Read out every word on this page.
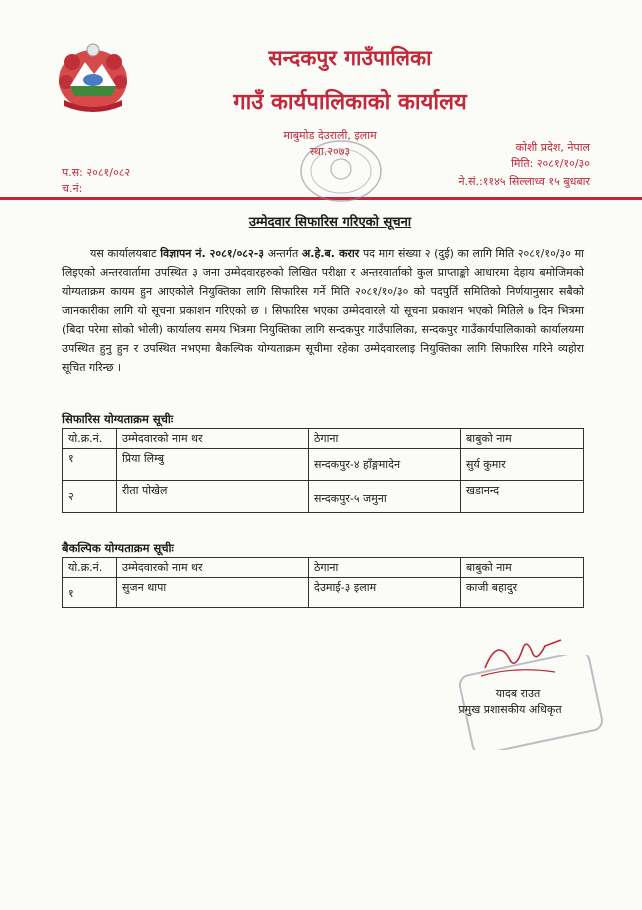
सन्दकपुर गाउँपालिका
गाउँ कार्यपालिकाको कार्यालय
माबुमोड देउराली, इलाम
स्था.२०७३	कोशी प्रदेश, नेपाल
मिति: २०८१/१०/३०
ने.सं.:११४५ सिल्लाध्व १५ बुधबार
प.स: २०८१/०८२
च.नं:
उम्मेदवार सिफारिस गरिएको सूचना
यस कार्यालयबाट विज्ञापन नं. २०८१/०८२-३ अन्तर्गत अ.हे.ब. करार पद माग संख्या २ (दुई) का लागि मिति २०८१/१०/३० मा लिइएको अन्तरवार्तामा उपस्थित ३ जना उम्मेदवारहरुको लिखित परीक्षा र अन्तरवार्ताको कुल प्राप्ताङ्को आधारमा देहाय बमोजिमको योग्यताक्रम कायम हुन आएकोले नियुक्तिका लागि सिफारिस गर्ने मिति २०८१/१०/३० को पदपुर्ति समितिको निर्णयानुसार सबैको जानकारीका लागि यो सूचना प्रकाशन गरिएको छ । सिफारिस भएका उम्मेदवारले यो सूचना प्रकाशन भएको मितिले ७ दिन भित्रमा (बिदा परेमा सोको भोली) कार्यालय समय भित्रमा नियुक्तिका लागि सन्दकपुर गाउँपालिका, सन्दकपुर गाउँकार्यपालिकाको कार्यालयमा उपस्थित हुनु हुन र उपस्थित नभएमा बैकल्पिक योग्यताक्रम सूचीमा रहेका उम्मेदवारलाइ नियुक्तिका लागि सिफारिस गरिने व्यहोरा सूचित गरिन्छ ।
सिफारिस योग्यताक्रम सूचीः
यो.क्र.नं.	उम्मेदवारको नाम थर	ठेगाना	बाबुको नाम
१	प्रिया लिम्बु	सन्दकपुर-४ हाँङ्गमादेन	सुर्य कुमार
२	रीता पोखेल	सन्दकपुर-५ जमुना	खडानन्द
बैकल्पिक योग्यताक्रम सूचीः
यो.क्र.नं.	उम्मेदवारको नाम थर	ठेगाना	बाबुको नाम
१	सुजन थापा	देउमाई-३ इलाम	काजी बहादुर
यादब राउत
प्रमुख प्रशासकीय अधिकृत
